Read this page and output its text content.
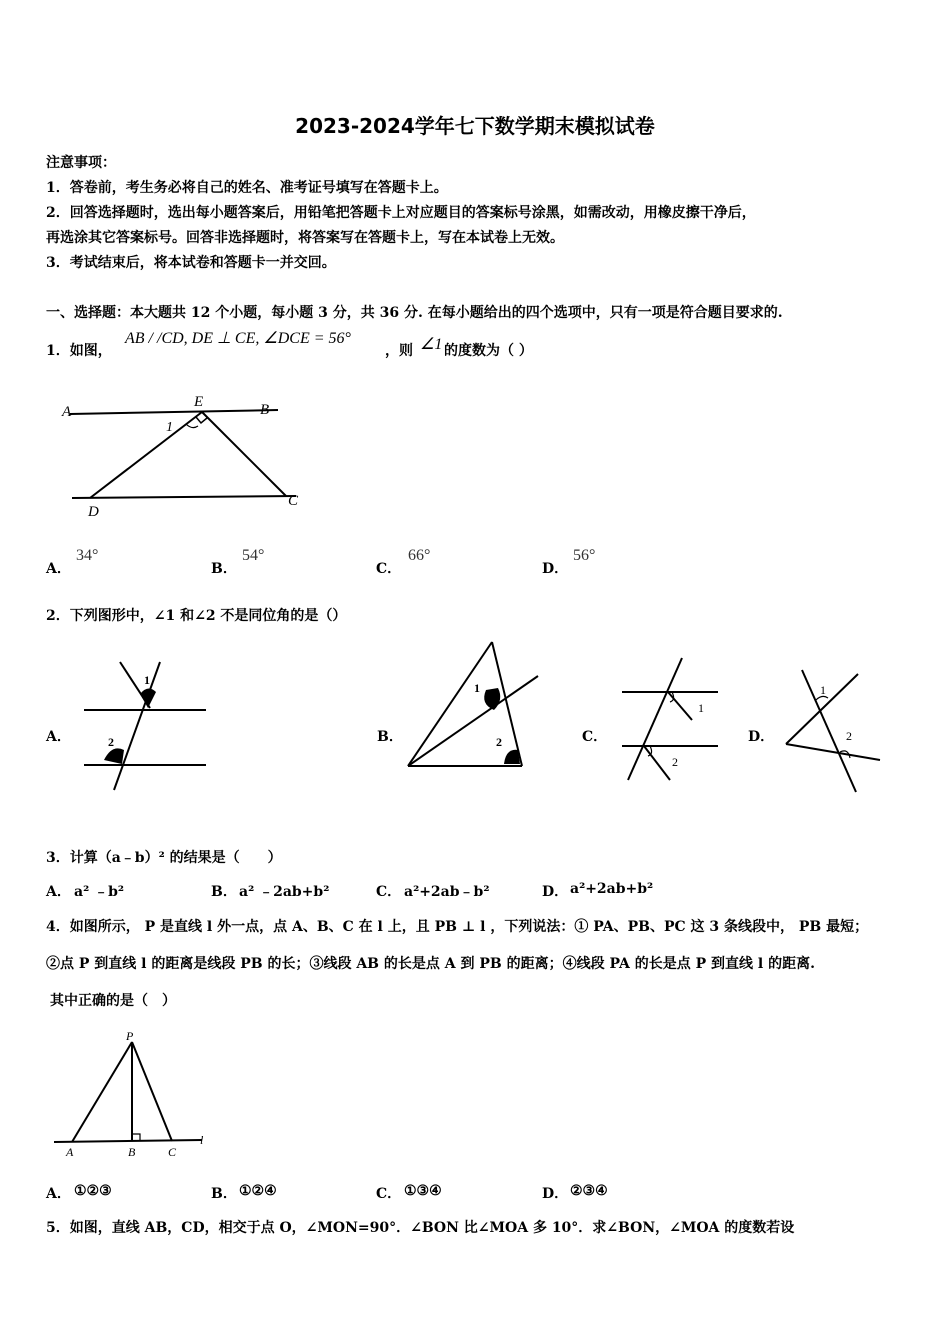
2023-2024学年七下数学期末模拟试卷
注意事项：
1．答卷前，考生务必将自己的姓名、准考证号填写在答题卡上。
2．回答选择题时，选出每小题答案后，用铅笔把答题卡上对应题目的答案标号涂黑，如需改动，用橡皮擦干净后，
再选涂其它答案标号。回答非选择题时，将答案写在答题卡上，写在本试卷上无效。
3．考试结束后，将本试卷和答题卡一并交回。
一、选择题：本大题共 12 个小题，每小题 3 分，共 36 分. 在每小题给出的四个选项中，只有一项是符合题目要求的.
1．如图，
AB / /CD, DE ⊥ CE, ∠DCE = 56°
，则 ∠1 的度数为（ ）
A	B
E
C
D
1
A．
34°
B．
54°
C．
66°
D．
56°
2．下列图形中，∠1 和∠2 不是同位角的是（）
A．
1
2	B．
1
2	C．
1
2
D．
1
2
3．计算（a﹣b）² 的结果是（　　）
A． a² ﹣b²	B． a² ﹣2ab+b²	C． a²+2ab﹣b²	D． a²+2ab+b²
4．如图所示， P 是直线 l 外一点，点 A、B、C 在 l 上，且 PB ⊥ l ，下列说法：① PA、PB、PC 这 3 条线段中， PB 最短；
②点 P 到直线 l 的距离是线段 PB 的长；③线段 AB 的长是点 A 到 PB 的距离；④线段 PA 的长是点 P 到直线 l 的距离.
其中正确的是（　）
P
A	B	C
l
A． ①②③	B． ①②④	C． ①③④	D． ②③④
5．如图，直线 AB，CD，相交于点 O，∠MON=90°．∠BON 比∠MOA 多 10°．求∠BON，∠MOA 的度数若设
